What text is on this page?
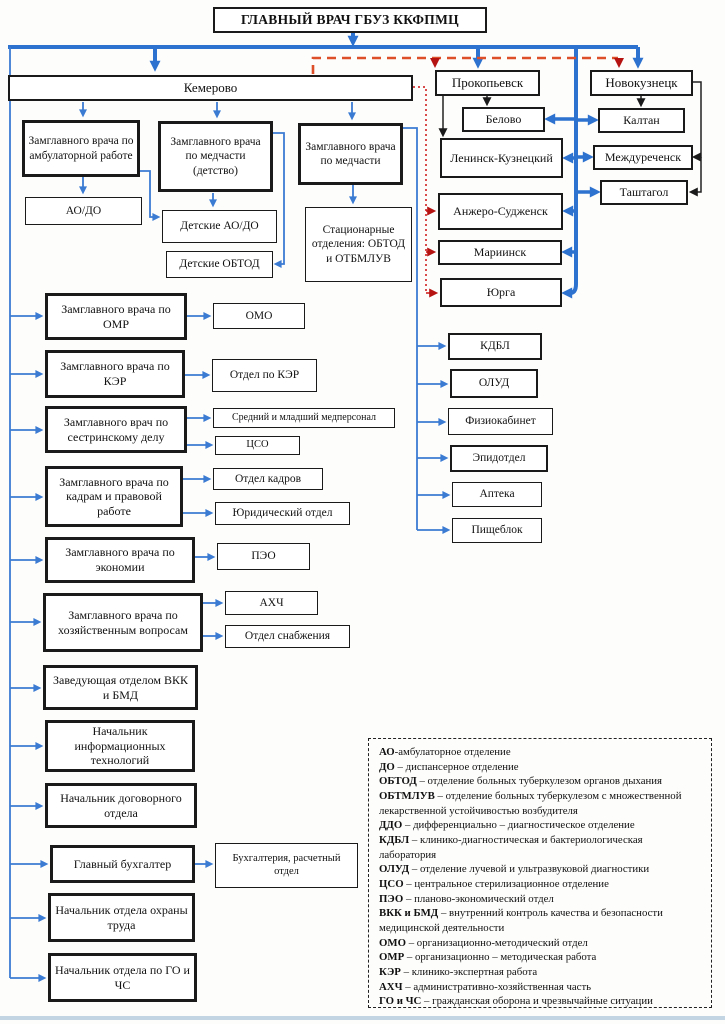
ГЛАВНЫЙ ВРАЧ ГБУЗ ККФПМЦ
Кемерово	Прокопьевск	Новокузнецк
Белово
Ленинск-Кузнецкий
Анжеро-Судженск
Мариинск
Юрга
Калтан
Междуреченск
Таштагол
Замглавного врача по амбулаторной работе
АО/ДО
Замглавного врача по медчасти (детство)
Детские АО/ДО
Детские ОБТОД
Замглавного врача по медчасти
Стационарные отделения: ОБТОД и ОТБМЛУВ
Замглавного врача по ОМР
ОМО
Замглавного врача по КЭР	Отдел по КЭР
Замглавного врач по сестринскому делу
Средний и младший медперсонал
ЦСО
Замглавного врача по кадрам и правовой работе
Отдел кадров
Юридический отдел
Замглавного врача по экономии
ПЭО
Замглавного врача по хозяйственным вопросам
АХЧ
Отдел снабжения
Заведующая отделом ВКК и БМД
Начальник информационных технологий
Начальник договорного отдела
Главный бухгалтер	Бухгалтерия, расчетный отдел
Начальник отдела охраны труда
Начальник отдела по ГО и ЧС
КДБЛ
ОЛУД
Физиокабинет
Эпидотдел
Аптека
Пищеблок
АО-амбулаторное отделение
ДО – диспансерное отделение
ОБТОД – отделение больных туберкулезом органов дыхания
ОБТМЛУВ – отделение больных туберкулезом с множественной лекарственной устойчивостью возбудителя
ДДО – дифференциально – диагностическое отделение
КДБЛ – клинико-диагностическая и бактериологическая лаборатория
ОЛУД – отделение лучевой и ультразвуковой диагностики
ЦСО – центральное стерилизационное отделение
ПЭО – планово-экономический отдел
ВКК и БМД – внутренний контроль качества и безопасности медицинской деятельности
ОМО – организационно-методический отдел
ОМР – организационно – методическая работа
КЭР – клинико-экспертная работа
АХЧ – административно-хозяйственная часть
ГО и ЧС – гражданская оборона и чрезвычайные ситуации
